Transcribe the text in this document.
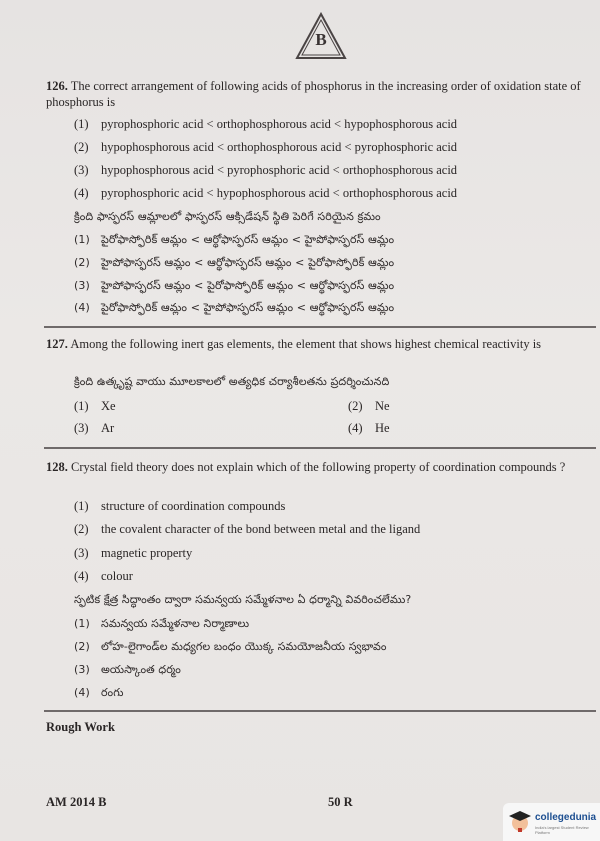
B
126. The correct arrangement of following acids of phosphorus in the increasing order of oxidation state of phosphorus is
(1) pyrophosphoric acid < orthophosphorous acid < hypophosphorous acid
(2) hypophosphorous acid < orthophosphorous acid < pyrophosphoric acid
(3) hypophosphorous acid < pyrophosphoric acid < orthophosphorous acid
(4) pyrophosphoric acid < hypophosphorous acid < orthophosphorous acid
క్రింది ఫాస్ఫరస్ ఆమ్లాలలో ఫాస్ఫరస్ ఆక్సిడేషన్ స్థితి పెరిగే సరియైన క్రమం
(1) పైరోఫాస్ఫోరిక్ ఆమ్లం < ఆర్థోఫాస్ఫరస్ ఆమ్లం < హైపోఫాస్ఫరస్ ఆమ్లం
(2) హైపోఫాస్ఫరస్ ఆమ్లం < ఆర్థోఫాస్ఫరస్ ఆమ్లం < పైరోఫాస్ఫోరిక్ ఆమ్లం
(3) హైపోఫాస్ఫరస్ ఆమ్లం < పైరోఫాస్ఫోరిక్ ఆమ్లం < ఆర్థోఫాస్ఫరస్ ఆమ్లం
(4) పైరోఫాస్ఫోరిక్ ఆమ్లం < హైపోఫాస్ఫరస్ ఆమ్లం < ఆర్థోఫాస్ఫరస్ ఆమ్లం
127. Among the following inert gas elements, the element that shows highest chemical reactivity is
క్రింది ఉత్కృష్ట వాయు మూలకాలలో అత్యధిక చర్యాశీలతను ప్రదర్శించునది
(1) Xe	(2) Ne
(3) Ar	(4) He
128. Crystal field theory does not explain which of the following property of coordination compounds ?
(1) structure of coordination compounds
(2) the covalent character of the bond between metal and the ligand
(3) magnetic property
(4) colour
స్ఫటిక క్షేత్ర సిద్ధాంతం ద్వారా సమన్వయ సమ్మేళనాల ఏ ధర్మాన్ని వివరించలేము?
(1) సమన్వయ సమ్మేళనాల నిర్మాణాలు
(2) లోహ-లైగాండ్‌ల మధ్యగల బంధం యొక్క సమయోజనీయ స్వభావం
(3) అయస్కాంత ధర్మం
(4) రంగు
Rough Work
AM 2014 B	50 R
collegedunia
India's largest Student Review Platform
